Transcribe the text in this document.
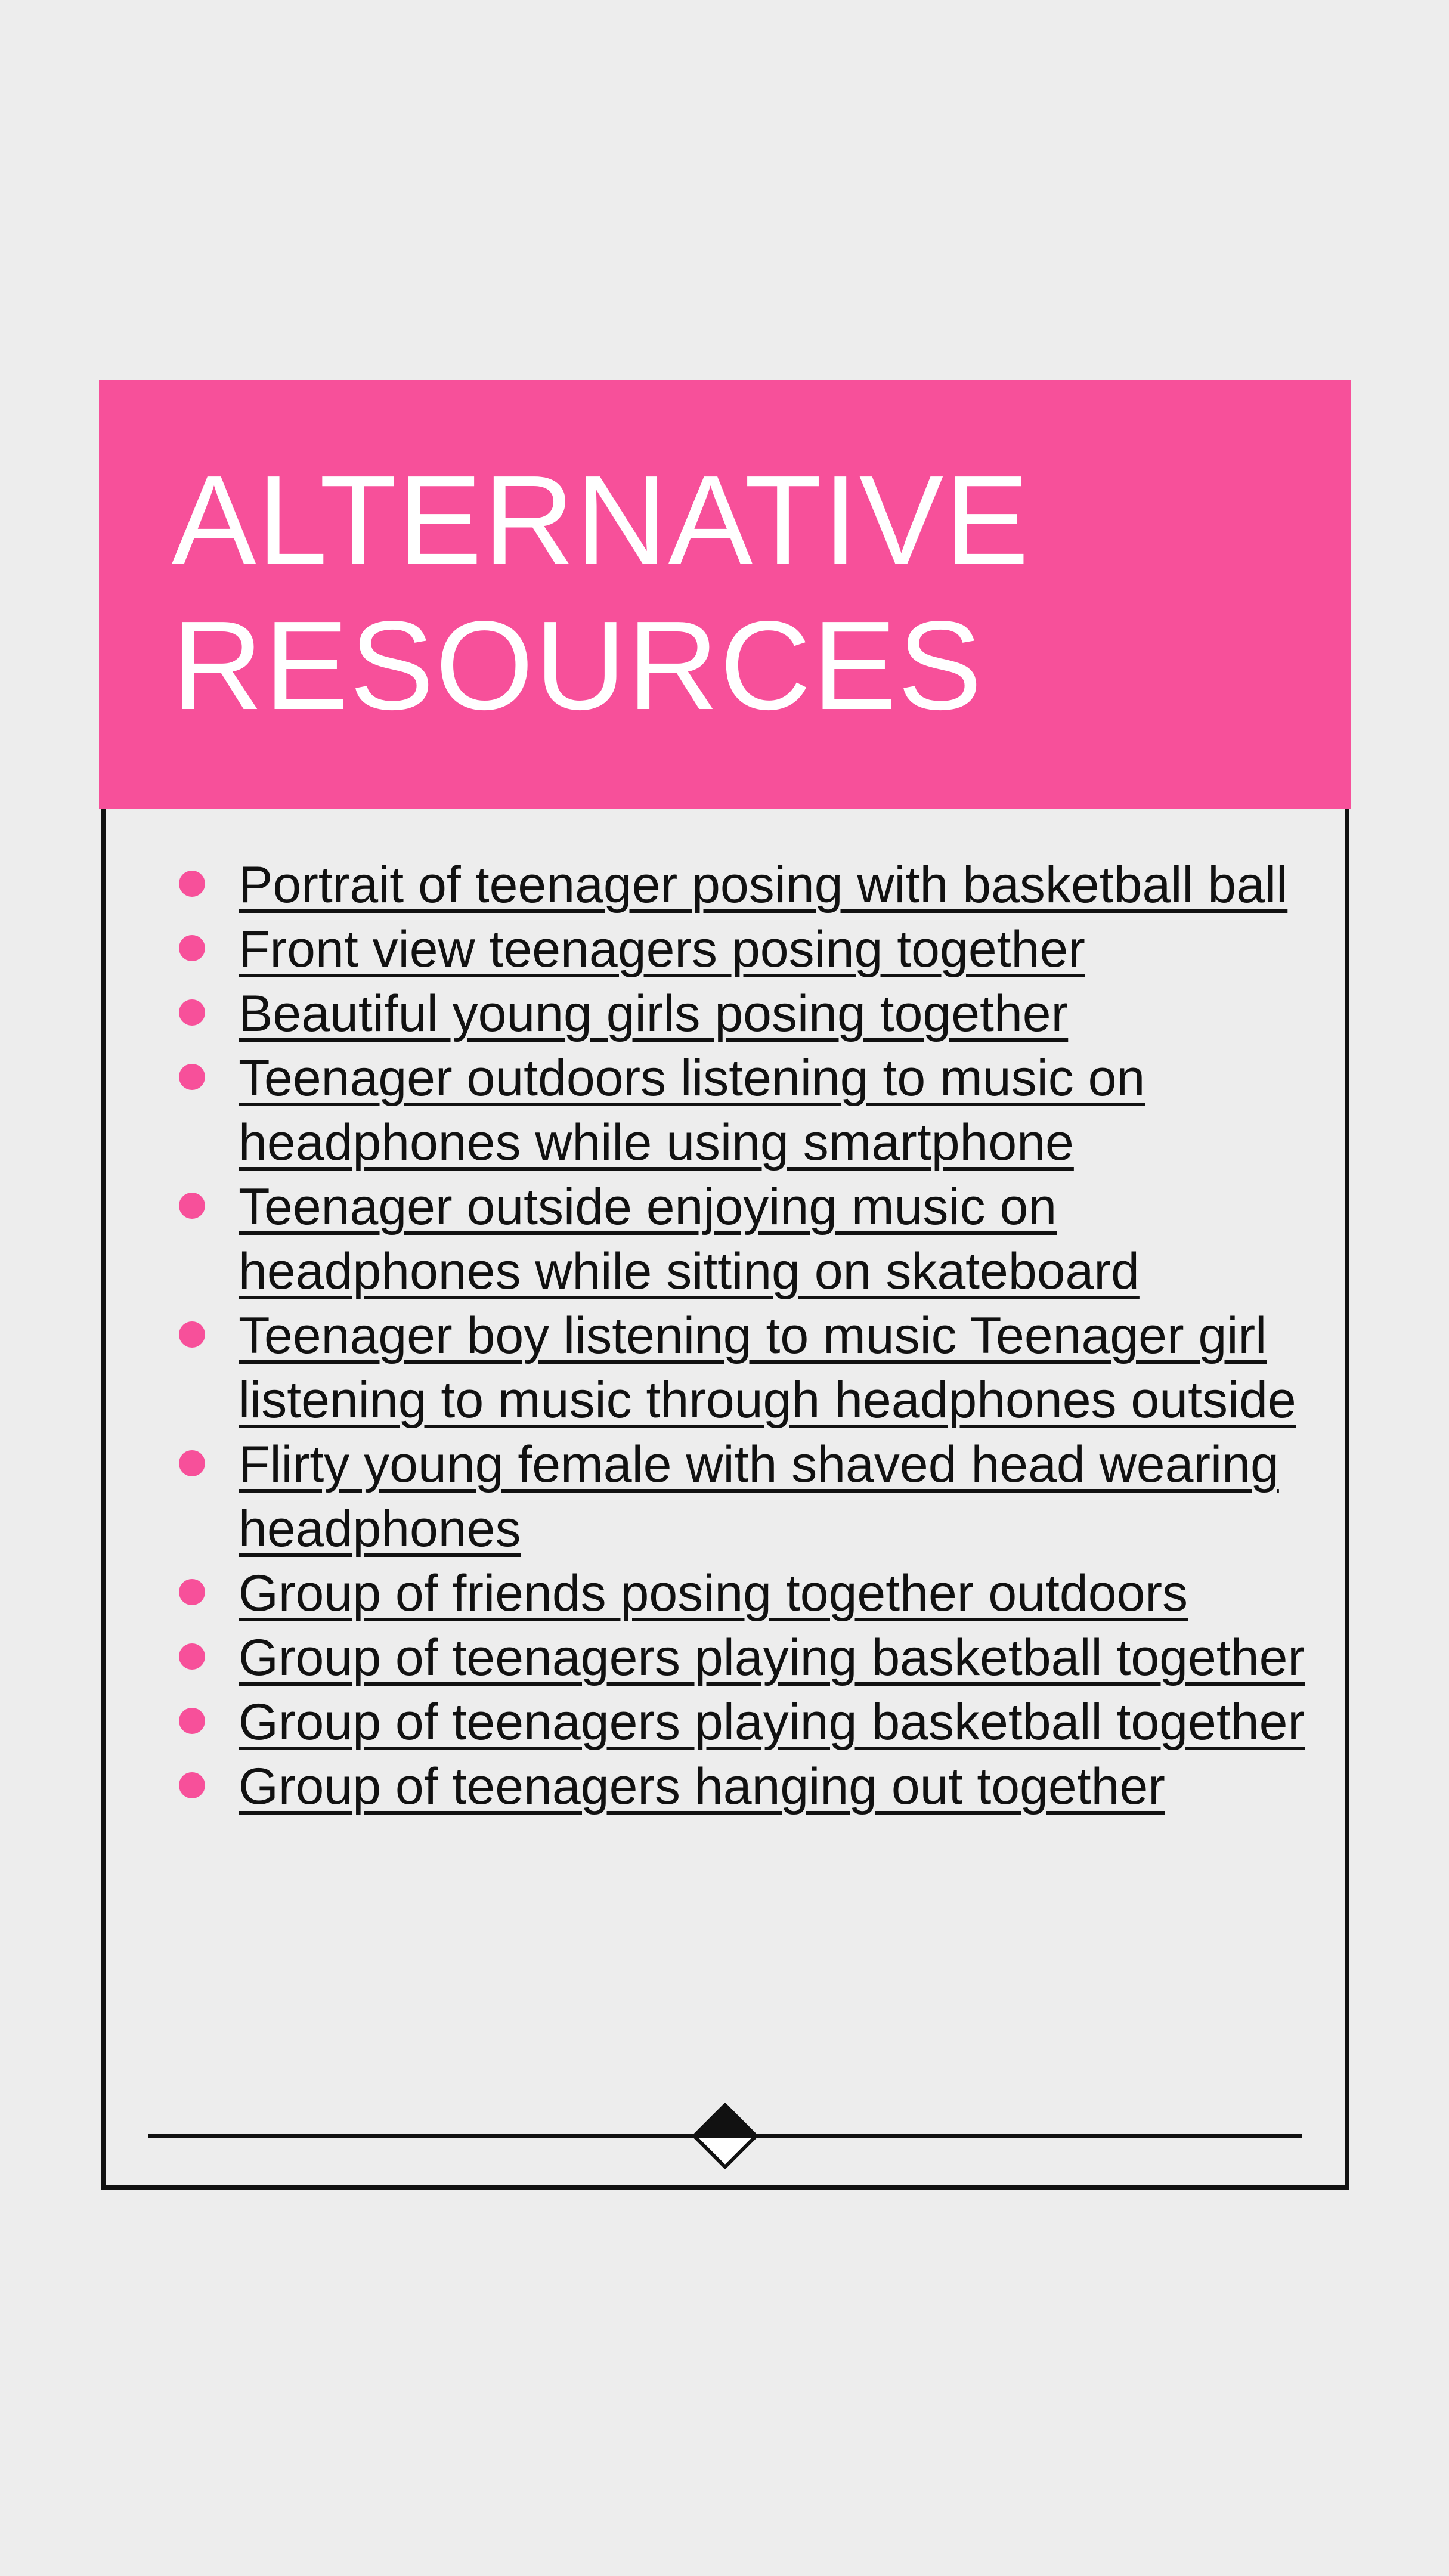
ALTERNATIVE
RESOURCES
Portrait of teenager posing with basketball ball
Front view teenagers posing together
Beautiful young girls posing together
Teenager outdoors listening to music on headphones while using smartphone
Teenager outside enjoying music on headphones while sitting on skateboard
Teenager boy listening to music Teenager girl listening to music through headphones outside
Flirty young female with shaved head wearing headphones
Group of friends posing together outdoors
Group of teenagers playing basketball together
Group of teenagers playing basketball together
Group of teenagers hanging out together
